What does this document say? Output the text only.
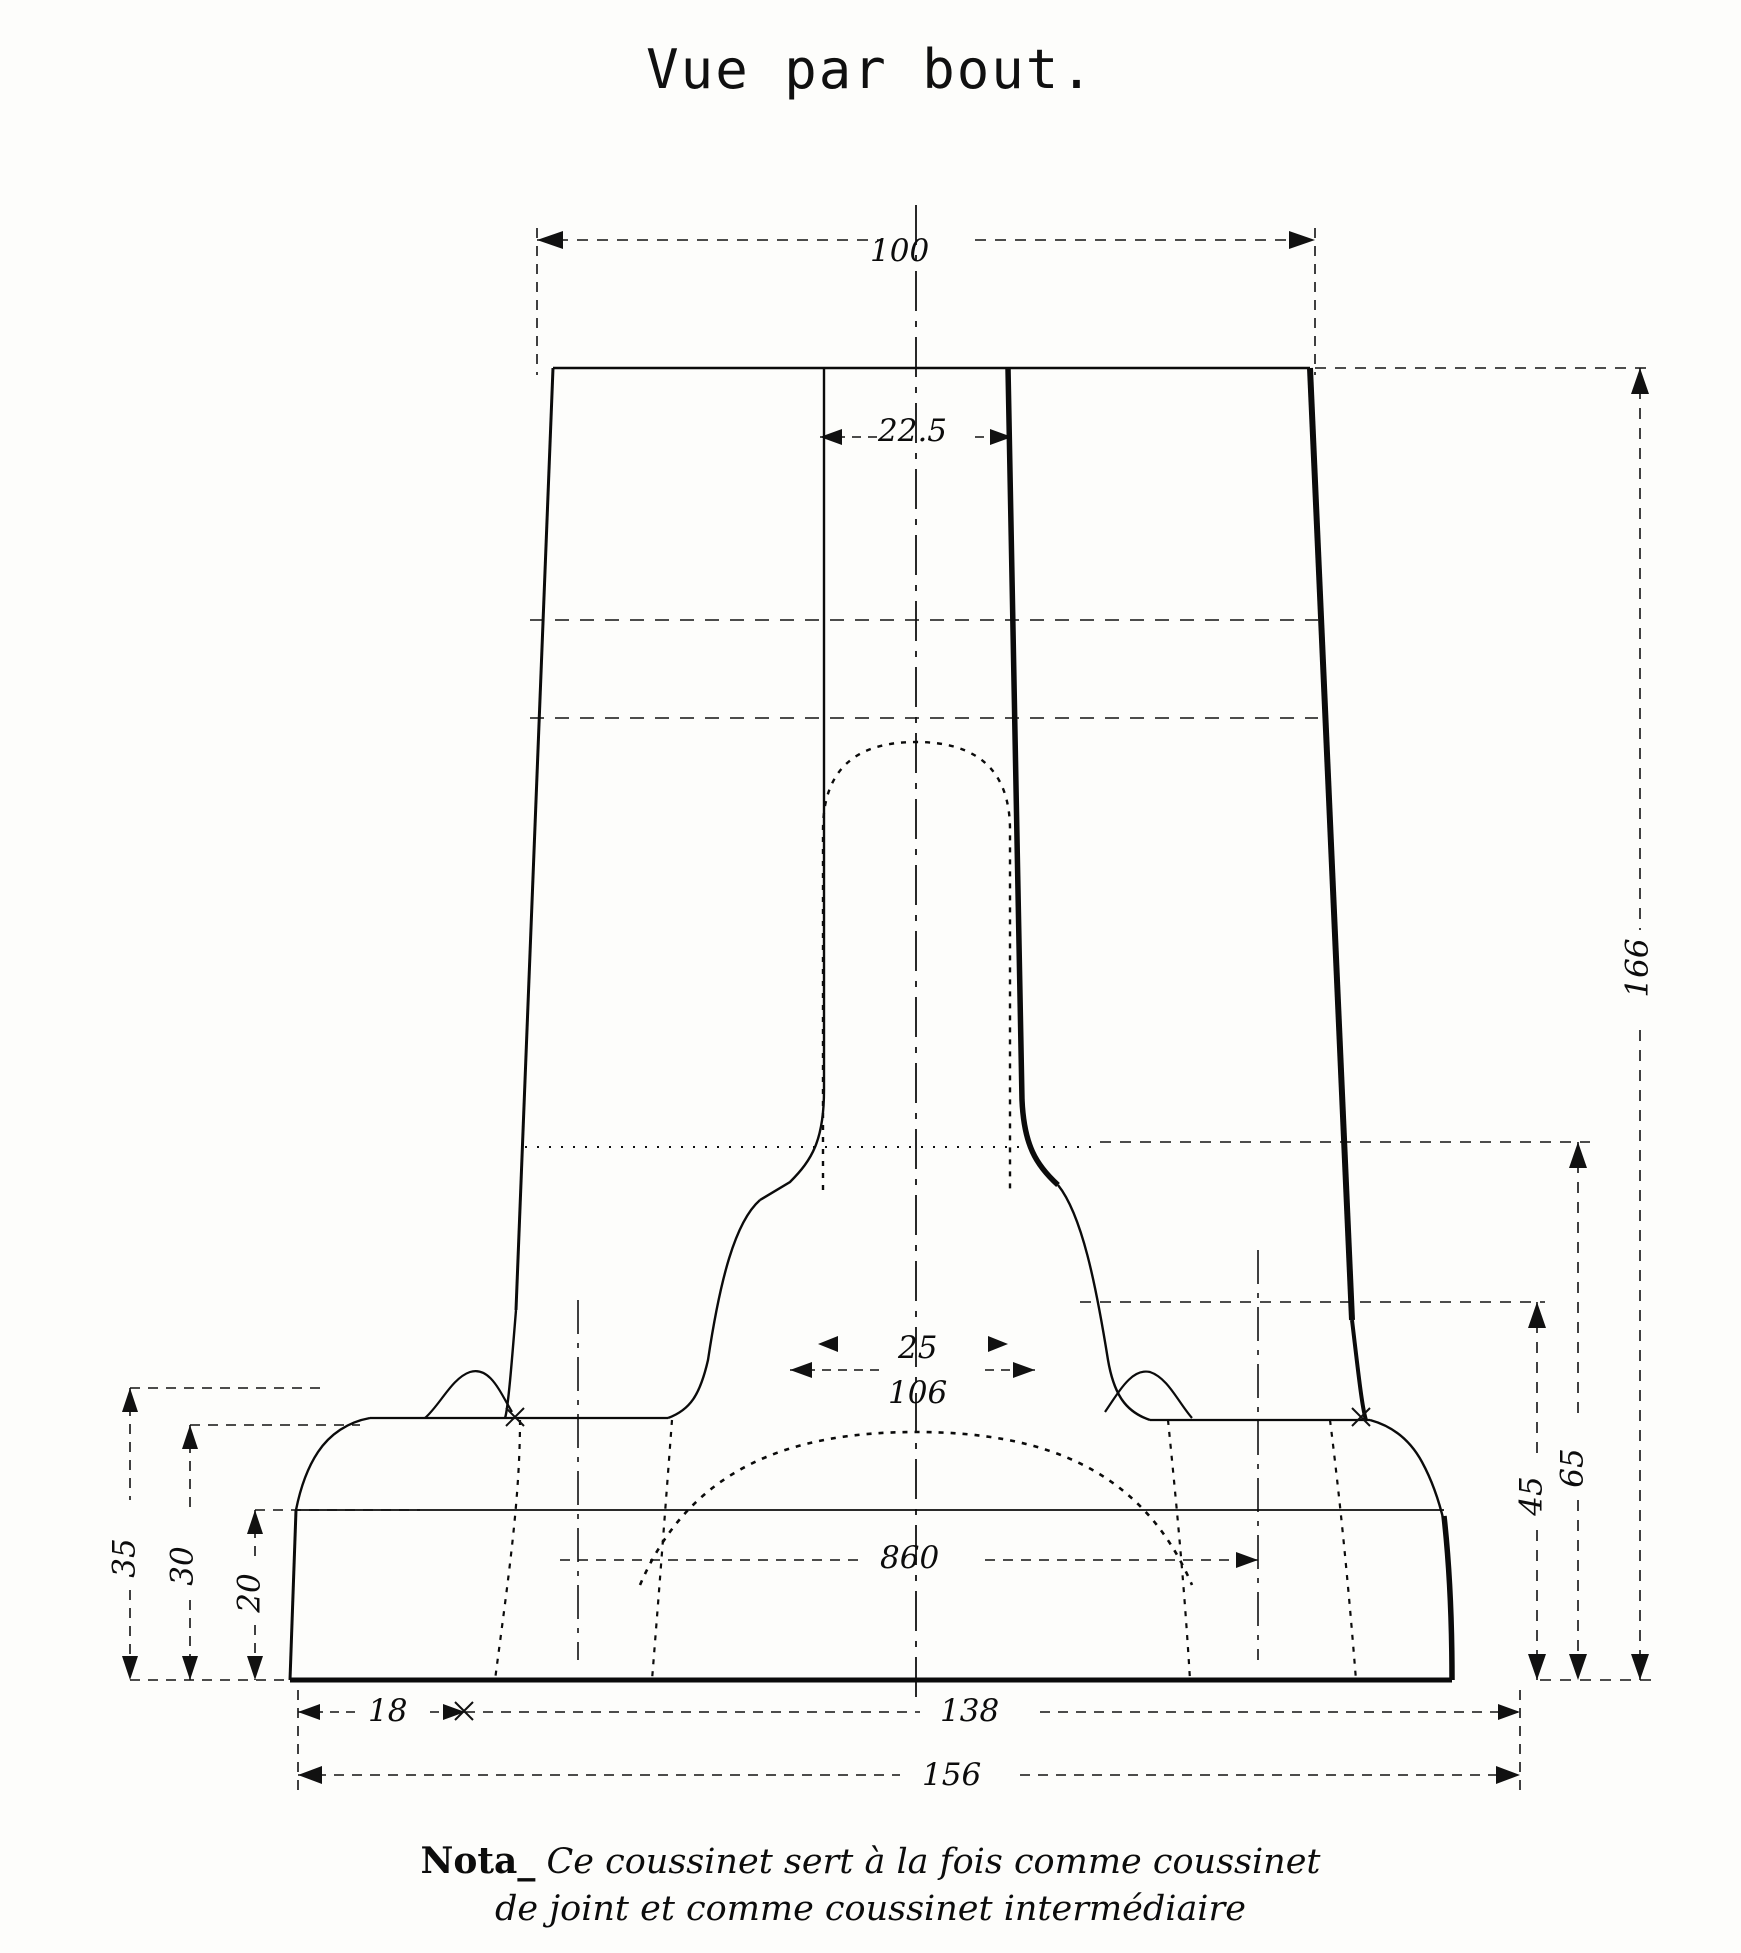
Vue par bout.
100
22.5
166
65
45
25
106
860
35 30
20
18	138
156
Nota_ Ce coussinet sert à la fois comme coussinet
de joint et comme coussinet intermédiaire
